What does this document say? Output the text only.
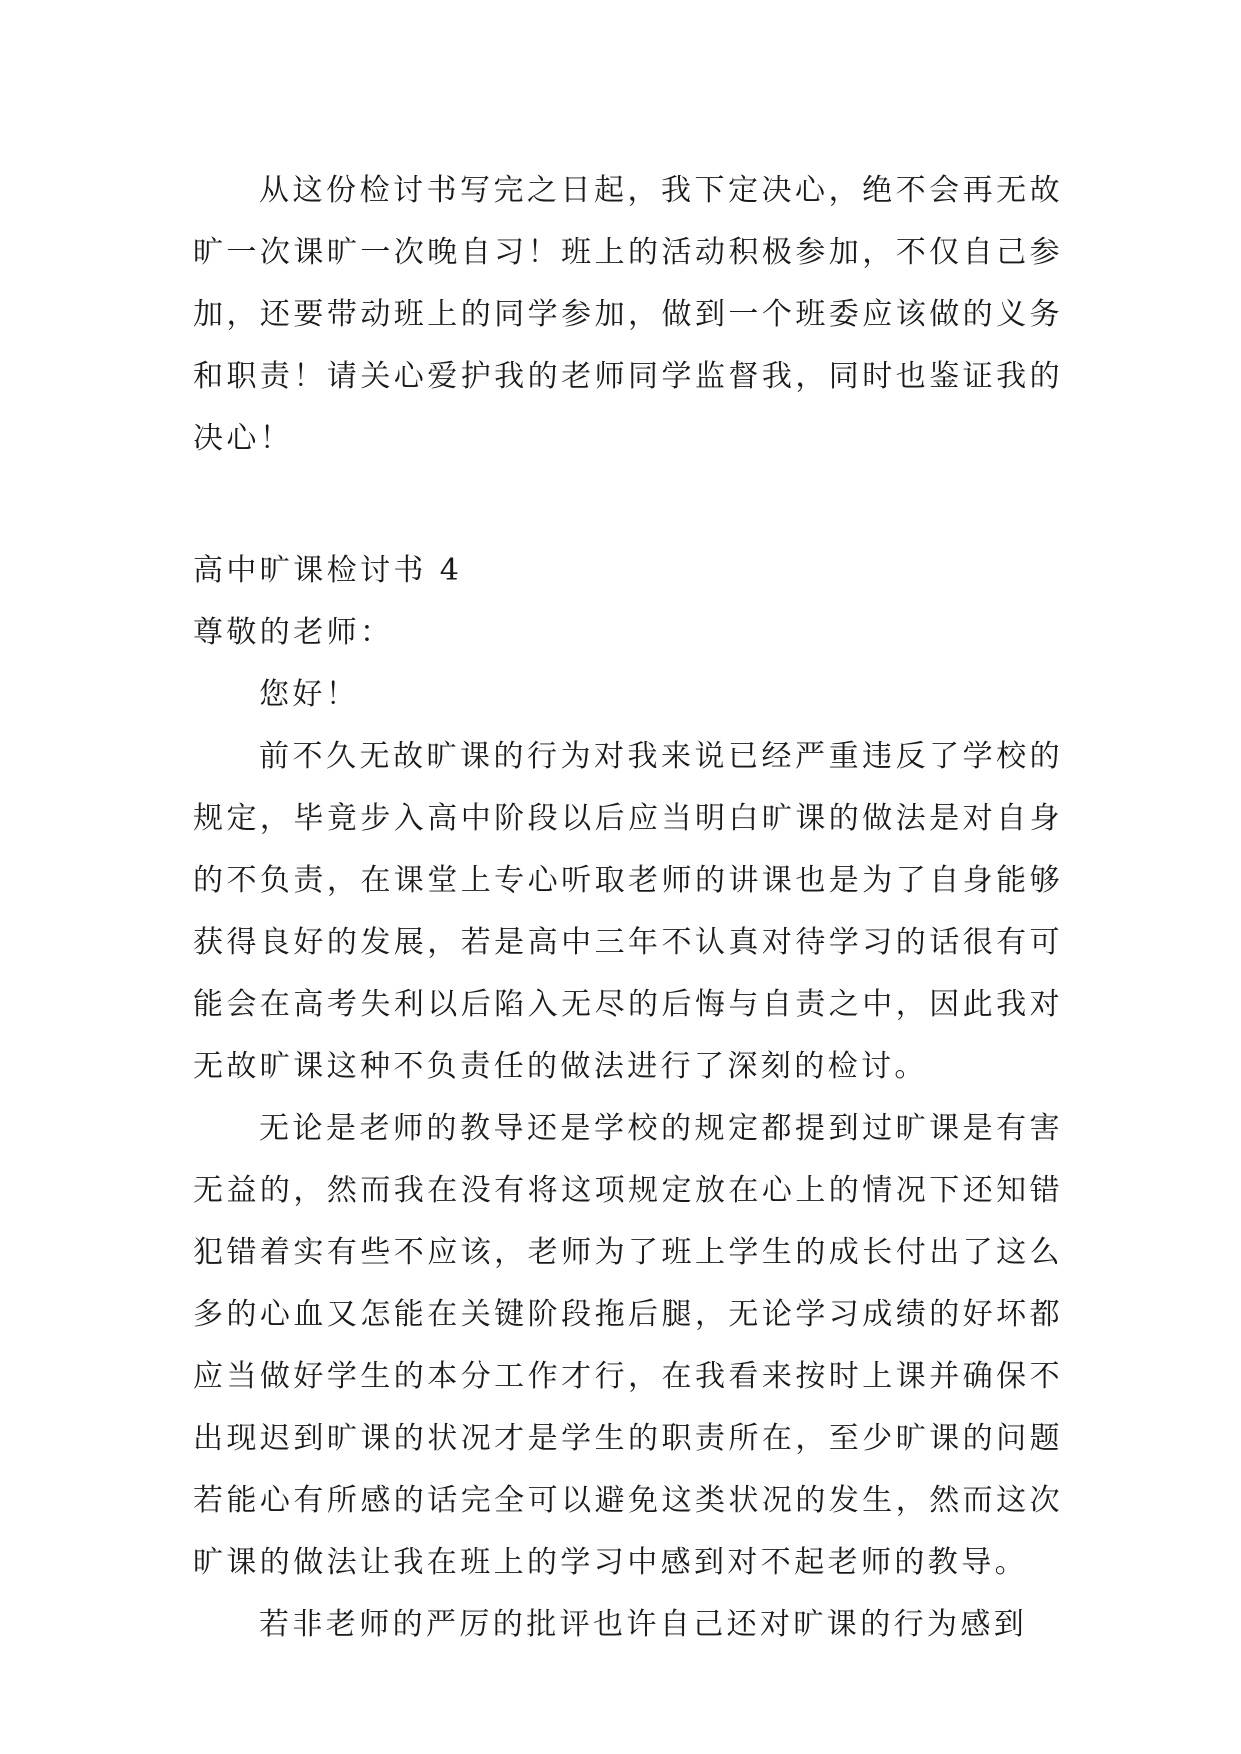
从这份检讨书写完之日起，我下定决心，绝不会再无故旷一次课旷一次晚自习！班上的活动积极参加，不仅自己参加，还要带动班上的同学参加，做到一个班委应该做的义务和职责！请关心爱护我的老师同学监督我，同时也鉴证我的决心！

高中旷课检讨书 4

尊敬的老师：

您好！

前不久无故旷课的行为对我来说已经严重违反了学校的规定，毕竟步入高中阶段以后应当明白旷课的做法是对自身的不负责，在课堂上专心听取老师的讲课也是为了自身能够获得良好的发展，若是高中三年不认真对待学习的话很有可能会在高考失利以后陷入无尽的后悔与自责之中，因此我对无故旷课这种不负责任的做法进行了深刻的检讨。

无论是老师的教导还是学校的规定都提到过旷课是有害无益的，然而我在没有将这项规定放在心上的情况下还知错犯错着实有些不应该，老师为了班上学生的成长付出了这么多的心血又怎能在关键阶段拖后腿，无论学习成绩的好坏都应当做好学生的本分工作才行，在我看来按时上课并确保不出现迟到旷课的状况才是学生的职责所在，至少旷课的问题若能心有所感的话完全可以避免这类状况的发生，然而这次旷课的做法让我在班上的学习中感到对不起老师的教导。

若非老师的严厉的批评也许自己还对旷课的行为感到
